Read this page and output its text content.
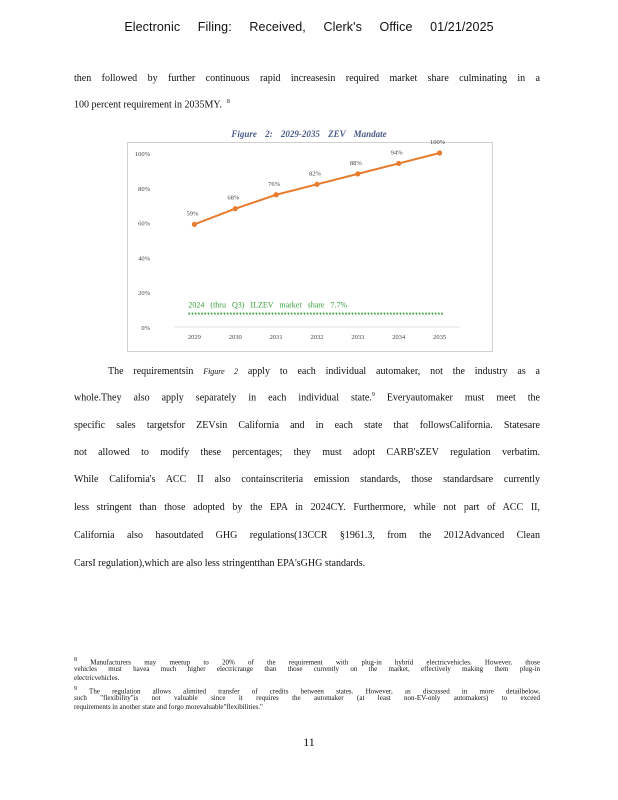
Electronic Filing: Received, Clerk's Office 01/21/2025
then followed by further continuous rapid increasesin required market share culminating in a
100 percent requirement in 2035MY. $^8$
Figure 2: 2029-2035 ZEV Mandate
0%
20%
40%
60%
80%
100%
2029	2030	2031	2032	2033	2034	2035
2024 (thru Q3) ILZEV market share 7.7%
59%
68%
76%
82%
88%
94%
100%
The requirementsin Figure 2 apply to each individual automaker, not the industry as a
whole.They also apply separately in each individual state.$^9$ Everyautomaker must meet the
specific sales targetsfor ZEVsin California and in each state that followsCalifornia. Statesare
not allowed to modify these percentages; they must adopt CARB'sZEV regulation verbatim.
While California's ACC II also containscriteria emission standards, those standardsare currently
less stringent than those adopted by the EPA in 2024CY. Furthermore, while not part of ACC II,
California also hasoutdated GHG regulations(13CCR §1961.3, from the 2012Advanced Clean
CarsI regulation),which are also less stringentthan EPA'sGHG standards.
8 Manufacturers may meetup to 20% of the requirement with plug-in hybrid electricvehicles. However, those
vehicles must havea much higher electricrange than those currently on the market, effectively making them plug-in
electricvehicles.
9 The regulation allows alimited transfer of credits between states. However, as discussed in more detailbelow,
such "flexibility"is not valuable since it requires the automaker (at least non-EV-only automakers) to exceed
requirements in another state and forgo morevaluable"flexibilities."
11
